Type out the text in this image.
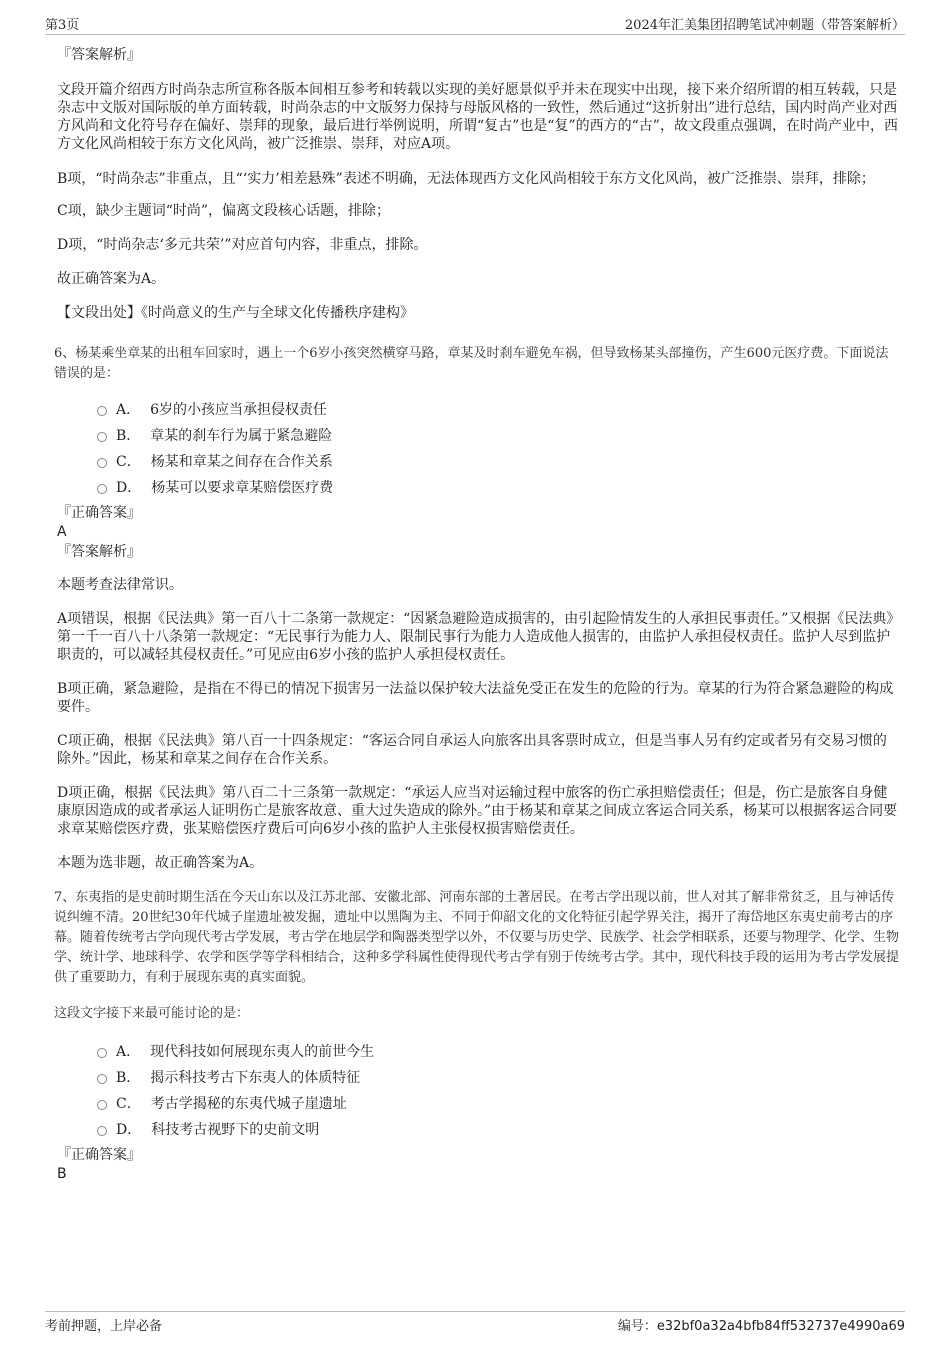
第3页	2024年汇美集团招聘笔试冲刺题（带答案解析）
『答案解析』

文段开篇介绍西方时尚杂志所宣称各版本间相互参考和转载以实现的美好愿景似乎并未在现实中出现，接下来介绍所谓的相互转载，只是杂志中文版对国际版的单方面转载，时尚杂志的中文版努力保持与母版风格的一致性，然后通过“这折射出”进行总结，国内时尚产业对西方风尚和文化符号存在偏好、崇拜的现象，最后进行举例说明，所谓“复古”也是“复”的西方的“古”，故文段重点强调，在时尚产业中，西方文化风尚相较于东方文化风尚，被广泛推崇、崇拜，对应A项。

B项，“时尚杂志”非重点，且“‘实力’相差悬殊”表述不明确，无法体现西方文化风尚相较于东方文化风尚，被广泛推崇、崇拜，排除；

C项，缺少主题词“时尚”，偏离文段核心话题，排除；

D项，“时尚杂志‘多元共荣’”对应首句内容，非重点，排除。

故正确答案为A。

【文段出处】《时尚意义的生产与全球文化传播秩序建构》

6、杨某乘坐章某的出租车回家时，遇上一个6岁小孩突然横穿马路，章某及时刹车避免车祸，但导致杨某头部撞伤，产生600元医疗费。下面说法错误的是：

A． 6岁的小孩应当承担侵权责任
B． 章某的刹车行为属于紧急避险
C． 杨某和章某之间存在合作关系
D． 杨某可以要求章某赔偿医疗费
『正确答案』
A
『答案解析』

本题考查法律常识。

A项错误，根据《民法典》第一百八十二条第一款规定：“因紧急避险造成损害的，由引起险情发生的人承担民事责任。”又根据《民法典》第一千一百八十八条第一款规定：“无民事行为能力人、限制民事行为能力人造成他人损害的，由监护人承担侵权责任。监护人尽到监护职责的，可以减轻其侵权责任。”可见应由6岁小孩的监护人承担侵权责任。

B项正确，紧急避险，是指在不得已的情况下损害另一法益以保护较大法益免受正在发生的危险的行为。章某的行为符合紧急避险的构成要件。

C项正确，根据《民法典》第八百一十四条规定：“客运合同自承运人向旅客出具客票时成立，但是当事人另有约定或者另有交易习惯的除外。”因此，杨某和章某之间存在合作关系。

D项正确，根据《民法典》第八百二十三条第一款规定：“承运人应当对运输过程中旅客的伤亡承担赔偿责任；但是，伤亡是旅客自身健康原因造成的或者承运人证明伤亡是旅客故意、重大过失造成的除外。”由于杨某和章某之间成立客运合同关系，杨某可以根据客运合同要求章某赔偿医疗费，张某赔偿医疗费后可向6岁小孩的监护人主张侵权损害赔偿责任。

本题为选非题，故正确答案为A。

7、东夷指的是史前时期生活在今天山东以及江苏北部、安徽北部、河南东部的土著居民。在考古学出现以前，世人对其了解非常贫乏，且与神话传说纠缠不清。20世纪30年代城子崖遗址被发掘，遗址中以黑陶为主、不同于仰韶文化的文化特征引起学界关注，揭开了海岱地区东夷史前考古的序幕。随着传统考古学向现代考古学发展，考古学在地层学和陶器类型学以外，不仅要与历史学、民族学、社会学相联系，还要与物理学、化学、生物学、统计学、地球科学、农学和医学等学科相结合，这种多学科属性使得现代考古学有别于传统考古学。其中，现代科技手段的运用为考古学发展提供了重要助力，有利于展现东夷的真实面貌。

这段文字接下来最可能讨论的是：

A． 现代科技如何展现东夷人的前世今生
B． 揭示科技考古下东夷人的体质特征
C． 考古学揭秘的东夷代城子崖遗址
D． 科技考古视野下的史前文明
『正确答案』
B
考前押题，上岸必备	编号：e32bf0a32a4bfb84ff532737e4990a69
